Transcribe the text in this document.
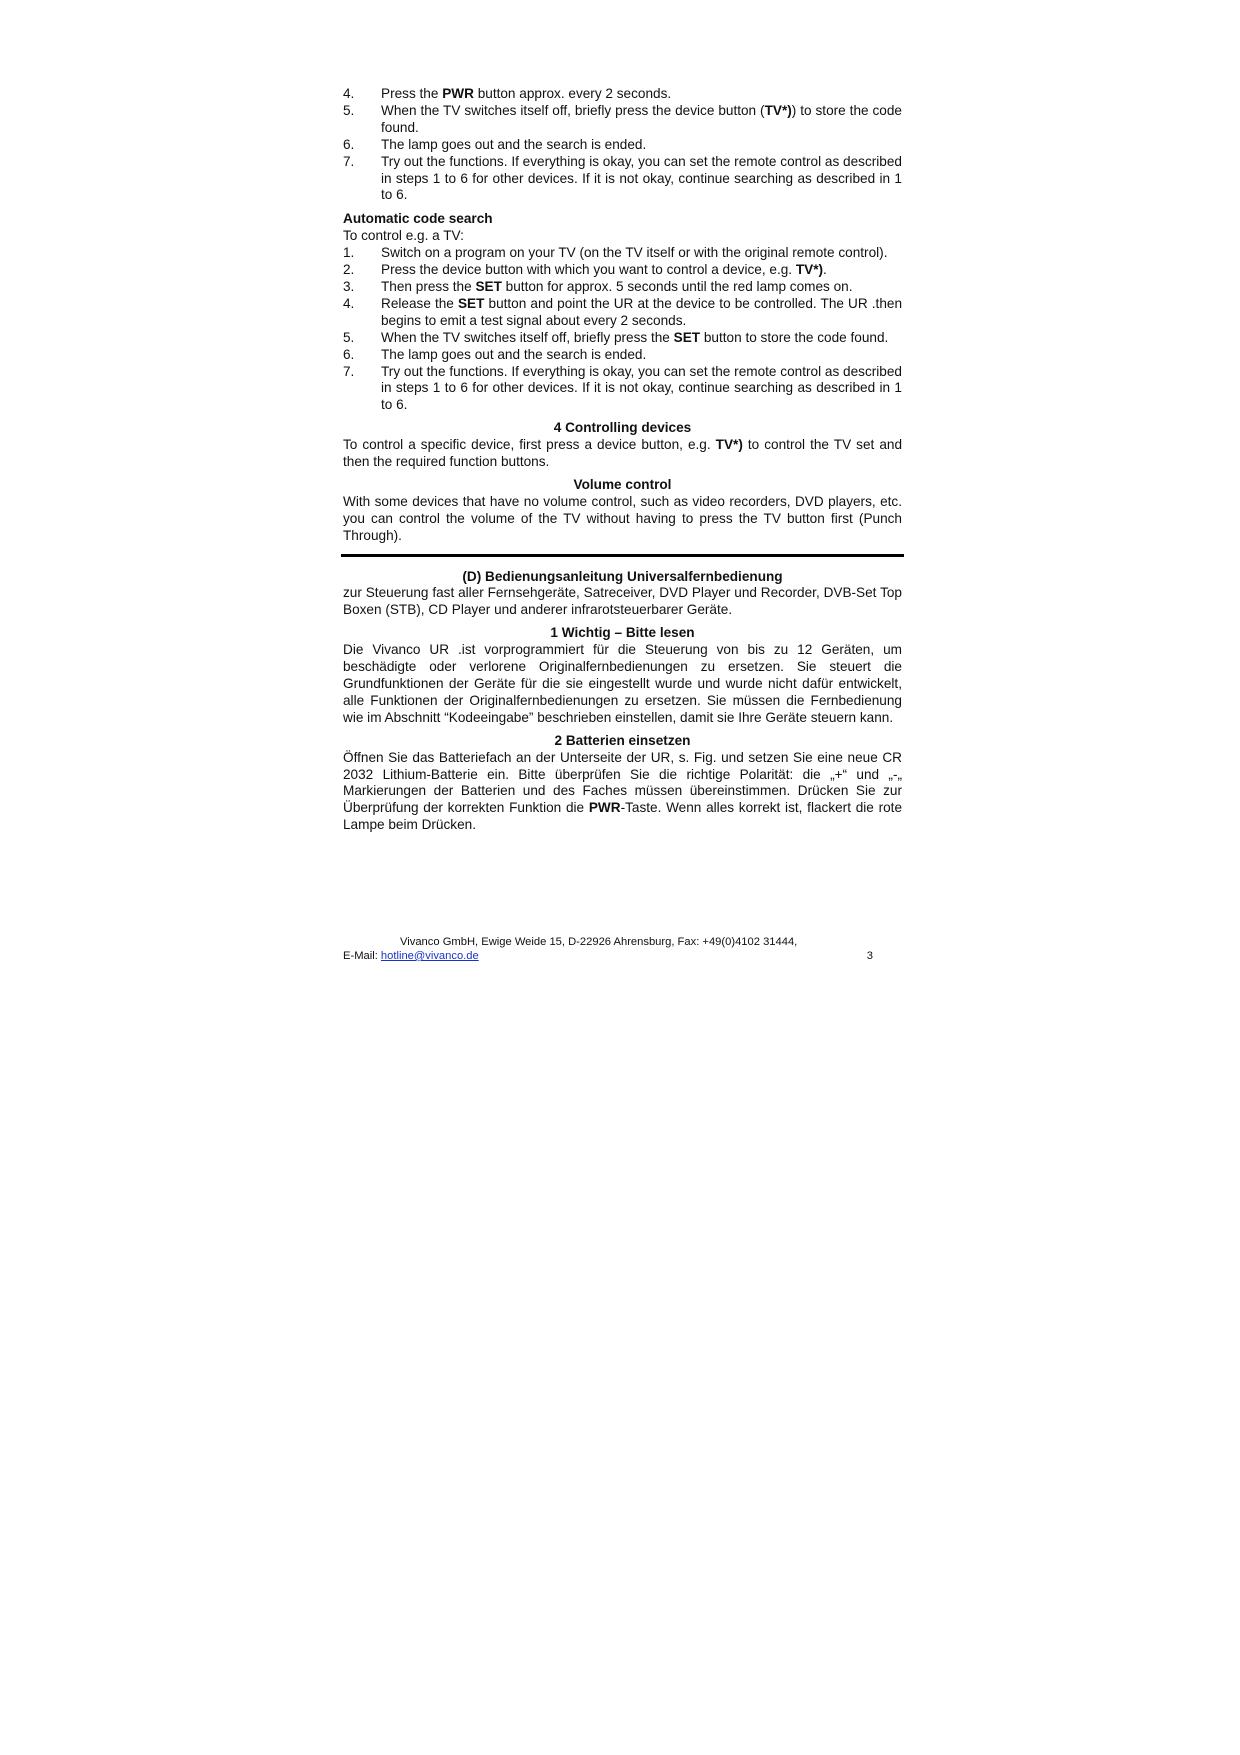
4.	Press the PWR button approx. every 2 seconds.
5.	When the TV switches itself off, briefly press the device button (TV*)) to store the code found.
6.	The lamp goes out and the search is ended.
7.	Try out the functions. If everything is okay, you can set the remote control as described in steps 1 to 6 for other devices. If it is not okay, continue searching as described in 1 to 6.
Automatic code search

To control e.g. a TV:

1.	Switch on a program on your TV (on the TV itself or with the original remote control).
2.	Press the device button with which you want to control a device, e.g. TV*).
3.	Then press the SET button for approx. 5 seconds until the red lamp comes on.
4.	Release the SET button and point the UR at the device to be controlled. The UR .then begins to emit a test signal about every 2 seconds.
5.	When the TV switches itself off, briefly press the SET button to store the code found.
6.	The lamp goes out and the search is ended.
7.	Try out the functions. If everything is okay, you can set the remote control as described in steps 1 to 6 for other devices. If it is not okay, continue searching as described in 1 to 6.
4 Controlling devices

To control a specific device, first press a device button, e.g. TV*) to control the TV set and then the required function buttons.

Volume control

With some devices that have no volume control, such as video recorders, DVD players, etc. you can control the volume of the TV without having to press the TV button first (Punch Through).

(D) Bedienungsanleitung Universalfernbedienung

zur Steuerung fast aller Fernsehgeräte, Satreceiver, DVD Player und Recorder, DVB-Set Top Boxen (STB), CD Player und anderer infrarotsteuerbarer Geräte.

1 Wichtig – Bitte lesen

Die Vivanco UR .ist vorprogrammiert für die Steuerung von bis zu 12 Geräten, um beschädigte oder verlorene Originalfernbedienungen zu ersetzen. Sie steuert die Grundfunktionen der Geräte für die sie eingestellt wurde und wurde nicht dafür entwickelt, alle Funktionen der Originalfernbedienungen zu ersetzen. Sie müssen die Fernbedienung wie im Abschnitt “Kodeeingabe” beschrieben einstellen, damit sie Ihre Geräte steuern kann.

2 Batterien einsetzen

Öffnen Sie das Batteriefach an der Unterseite der UR, s. Fig. und setzen Sie eine neue CR 2032 Lithium-Batterie ein. Bitte überprüfen Sie die richtige Polarität: die „+“ und „-„ Markierungen der Batterien und des Faches müssen übereinstimmen. Drücken Sie zur Überprüfung der korrekten Funktion die PWR-Taste. Wenn alles korrekt ist, flackert die rote Lampe beim Drücken.

Vivanco GmbH, Ewige Weide 15, D-22926 Ahrensburg, Fax: +49(0)4102 31444,
E-Mail: hotline@vivanco.de	3
